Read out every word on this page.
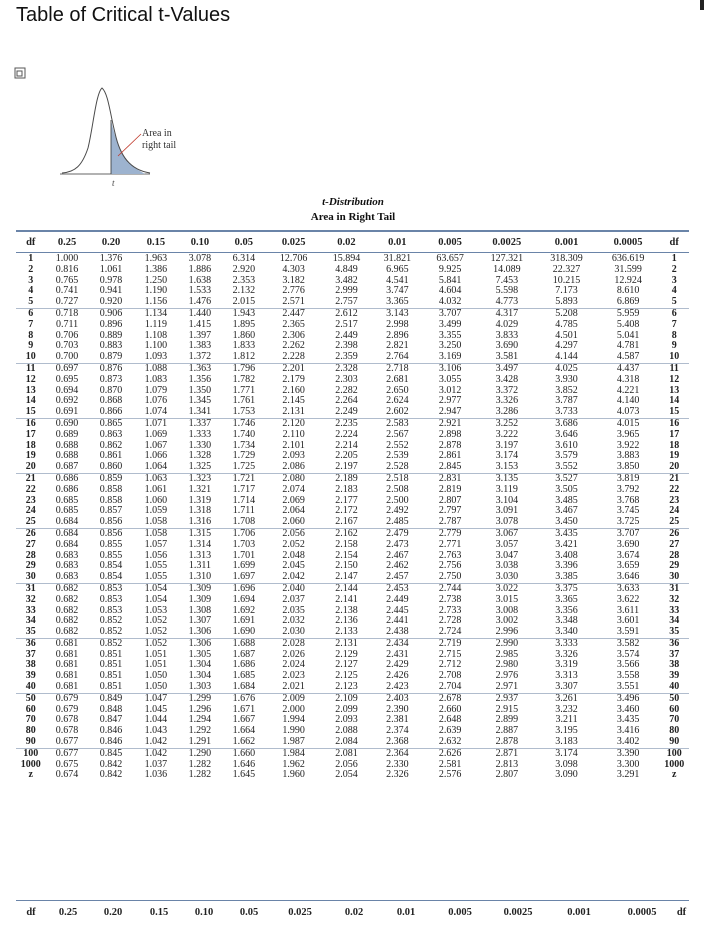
Table of Critical t-Values
Area in
right tail
t
t-Distribution
Area in Right Tail
df	0.25	0.20	0.15	0.10	0.05	0.025	0.02	0.01	0.005	0.0025	0.001	0.0005	df
1	1.000	1.376	1.963	3.078	6.314	12.706	15.894	31.821	63.657	127.321	318.309	636.619	1
2	0.816	1.061	1.386	1.886	2.920	4.303	4.849	6.965	9.925	14.089	22.327	31.599	2
3	0.765	0.978	1.250	1.638	2.353	3.182	3.482	4.541	5.841	7.453	10.215	12.924	3
4	0.741	0.941	1.190	1.533	2.132	2.776	2.999	3.747	4.604	5.598	7.173	8.610	4
5	0.727	0.920	1.156	1.476	2.015	2.571	2.757	3.365	4.032	4.773	5.893	6.869	5
6	0.718	0.906	1.134	1.440	1.943	2.447	2.612	3.143	3.707	4.317	5.208	5.959	6
7	0.711	0.896	1.119	1.415	1.895	2.365	2.517	2.998	3.499	4.029	4.785	5.408	7
8	0.706	0.889	1.108	1.397	1.860	2.306	2.449	2.896	3.355	3.833	4.501	5.041	8
9	0.703	0.883	1.100	1.383	1.833	2.262	2.398	2.821	3.250	3.690	4.297	4.781	9
10	0.700	0.879	1.093	1.372	1.812	2.228	2.359	2.764	3.169	3.581	4.144	4.587	10
11	0.697	0.876	1.088	1.363	1.796	2.201	2.328	2.718	3.106	3.497	4.025	4.437	11
12	0.695	0.873	1.083	1.356	1.782	2.179	2.303	2.681	3.055	3.428	3.930	4.318	12
13	0.694	0.870	1.079	1.350	1.771	2.160	2.282	2.650	3.012	3.372	3.852	4.221	13
14	0.692	0.868	1.076	1.345	1.761	2.145	2.264	2.624	2.977	3.326	3.787	4.140	14
15	0.691	0.866	1.074	1.341	1.753	2.131	2.249	2.602	2.947	3.286	3.733	4.073	15
16	0.690	0.865	1.071	1.337	1.746	2.120	2.235	2.583	2.921	3.252	3.686	4.015	16
17	0.689	0.863	1.069	1.333	1.740	2.110	2.224	2.567	2.898	3.222	3.646	3.965	17
18	0.688	0.862	1.067	1.330	1.734	2.101	2.214	2.552	2.878	3.197	3.610	3.922	18
19	0.688	0.861	1.066	1.328	1.729	2.093	2.205	2.539	2.861	3.174	3.579	3.883	19
20	0.687	0.860	1.064	1.325	1.725	2.086	2.197	2.528	2.845	3.153	3.552	3.850	20
21	0.686	0.859	1.063	1.323	1.721	2.080	2.189	2.518	2.831	3.135	3.527	3.819	21
22	0.686	0.858	1.061	1.321	1.717	2.074	2.183	2.508	2.819	3.119	3.505	3.792	22
23	0.685	0.858	1.060	1.319	1.714	2.069	2.177	2.500	2.807	3.104	3.485	3.768	23
24	0.685	0.857	1.059	1.318	1.711	2.064	2.172	2.492	2.797	3.091	3.467	3.745	24
25	0.684	0.856	1.058	1.316	1.708	2.060	2.167	2.485	2.787	3.078	3.450	3.725	25
26	0.684	0.856	1.058	1.315	1.706	2.056	2.162	2.479	2.779	3.067	3.435	3.707	26
27	0.684	0.855	1.057	1.314	1.703	2.052	2.158	2.473	2.771	3.057	3.421	3.690	27
28	0.683	0.855	1.056	1.313	1.701	2.048	2.154	2.467	2.763	3.047	3.408	3.674	28
29	0.683	0.854	1.055	1.311	1.699	2.045	2.150	2.462	2.756	3.038	3.396	3.659	29
30	0.683	0.854	1.055	1.310	1.697	2.042	2.147	2.457	2.750	3.030	3.385	3.646	30
31	0.682	0.853	1.054	1.309	1.696	2.040	2.144	2.453	2.744	3.022	3.375	3.633	31
32	0.682	0.853	1.054	1.309	1.694	2.037	2.141	2.449	2.738	3.015	3.365	3.622	32
33	0.682	0.853	1.053	1.308	1.692	2.035	2.138	2.445	2.733	3.008	3.356	3.611	33
34	0.682	0.852	1.052	1.307	1.691	2.032	2.136	2.441	2.728	3.002	3.348	3.601	34
35	0.682	0.852	1.052	1.306	1.690	2.030	2.133	2.438	2.724	2.996	3.340	3.591	35
36	0.681	0.852	1.052	1.306	1.688	2.028	2.131	2.434	2.719	2.990	3.333	3.582	36
37	0.681	0.851	1.051	1.305	1.687	2.026	2.129	2.431	2.715	2.985	3.326	3.574	37
38	0.681	0.851	1.051	1.304	1.686	2.024	2.127	2.429	2.712	2.980	3.319	3.566	38
39	0.681	0.851	1.050	1.304	1.685	2.023	2.125	2.426	2.708	2.976	3.313	3.558	39
40	0.681	0.851	1.050	1.303	1.684	2.021	2.123	2.423	2.704	2.971	3.307	3.551	40
50	0.679	0.849	1.047	1.299	1.676	2.009	2.109	2.403	2.678	2.937	3.261	3.496	50
60	0.679	0.848	1.045	1.296	1.671	2.000	2.099	2.390	2.660	2.915	3.232	3.460	60
70	0.678	0.847	1.044	1.294	1.667	1.994	2.093	2.381	2.648	2.899	3.211	3.435	70
80	0.678	0.846	1.043	1.292	1.664	1.990	2.088	2.374	2.639	2.887	3.195	3.416	80
90	0.677	0.846	1.042	1.291	1.662	1.987	2.084	2.368	2.632	2.878	3.183	3.402	90
100	0.677	0.845	1.042	1.290	1.660	1.984	2.081	2.364	2.626	2.871	3.174	3.390	100
1000	0.675	0.842	1.037	1.282	1.646	1.962	2.056	2.330	2.581	2.813	3.098	3.300	1000
z	0.674	0.842	1.036	1.282	1.645	1.960	2.054	2.326	2.576	2.807	3.090	3.291	z
df	0.25	0.20	0.15	0.10	0.05	0.025	0.02	0.01	0.005	0.0025	0.001	0.0005	df
